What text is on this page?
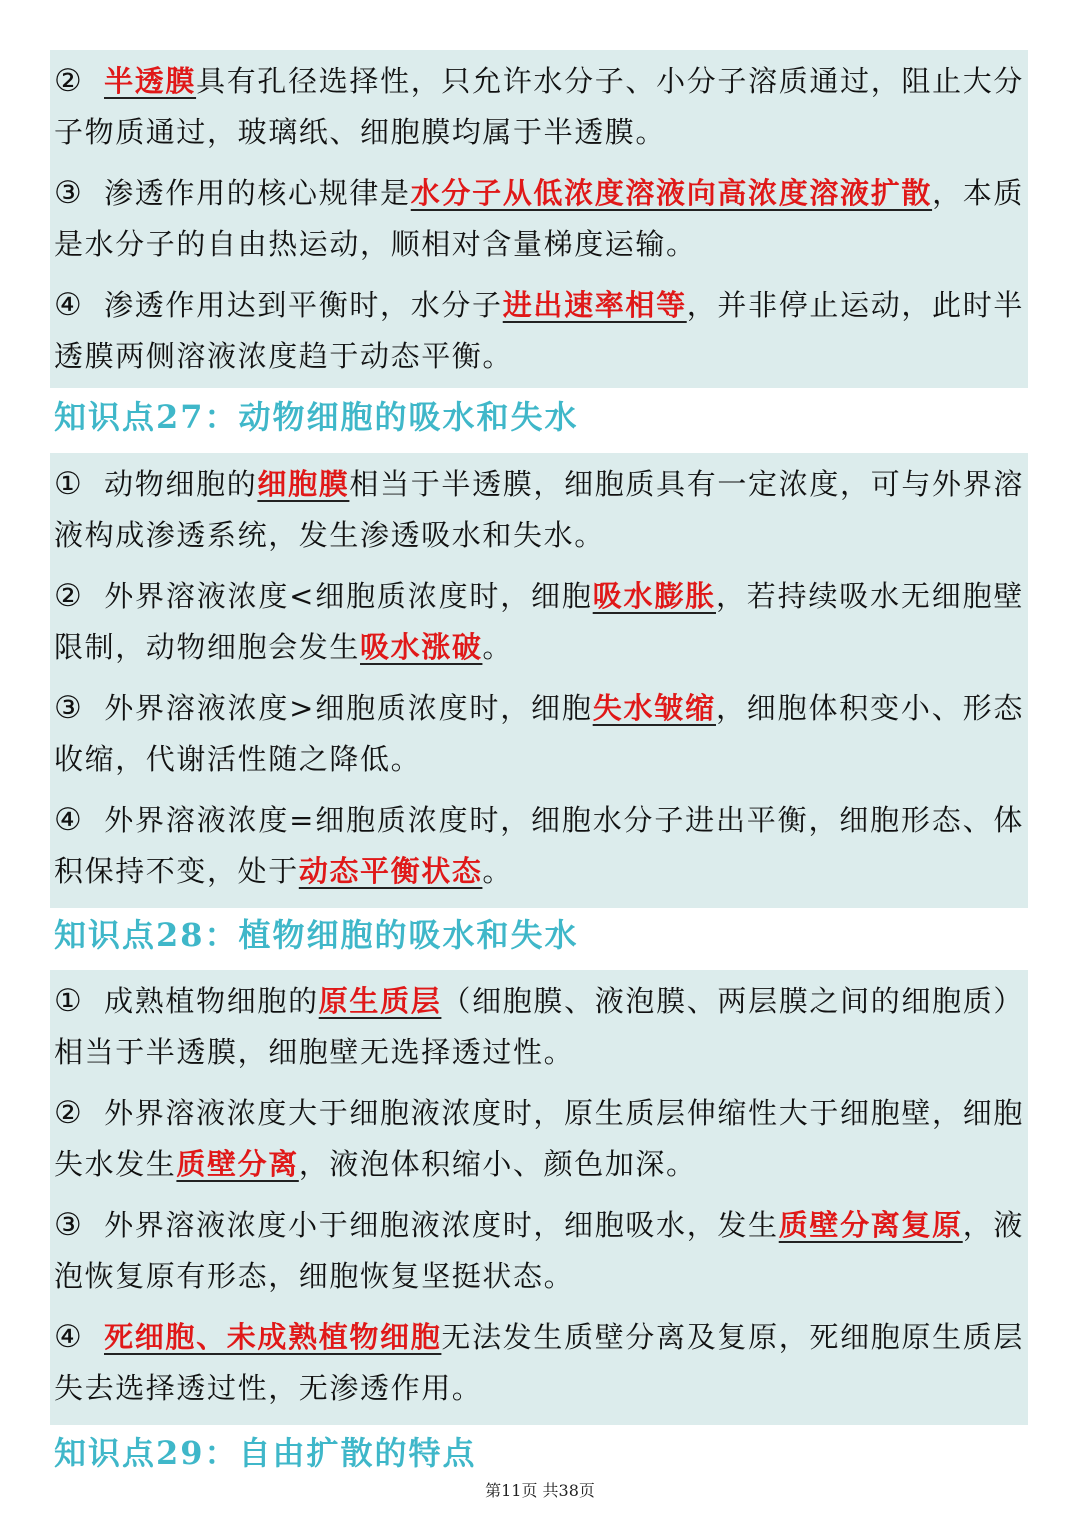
② 半透膜具有孔径选择性，只允许水分子、小分子溶质通过，阻止大分子物质通过，玻璃纸、细胞膜均属于半透膜。
③ 渗透作用的核心规律是水分子从低浓度溶液向高浓度溶液扩散，本质是水分子的自由热运动，顺相对含量梯度运输。
④ 渗透作用达到平衡时，水分子进出速率相等，并非停止运动，此时半透膜两侧溶液浓度趋于动态平衡。
知识点27：动物细胞的吸水和失水
① 动物细胞的细胞膜相当于半透膜，细胞质具有一定浓度，可与外界溶液构成渗透系统，发生渗透吸水和失水。
② 外界溶液浓度<细胞质浓度时，细胞吸水膨胀，若持续吸水无细胞壁限制，动物细胞会发生吸水涨破。
③ 外界溶液浓度>细胞质浓度时，细胞失水皱缩，细胞体积变小、形态收缩，代谢活性随之降低。
④ 外界溶液浓度=细胞质浓度时，细胞水分子进出平衡，细胞形态、体积保持不变，处于动态平衡状态。
知识点28：植物细胞的吸水和失水
① 成熟植物细胞的原生质层（细胞膜、液泡膜、两层膜之间的细胞质）相当于半透膜，细胞壁无选择透过性。
② 外界溶液浓度大于细胞液浓度时，原生质层伸缩性大于细胞壁，细胞失水发生质壁分离，液泡体积缩小、颜色加深。
③ 外界溶液浓度小于细胞液浓度时，细胞吸水，发生质壁分离复原，液泡恢复原有形态，细胞恢复坚挺状态。
④ 死细胞、未成熟植物细胞无法发生质壁分离及复原，死细胞原生质层失去选择透过性，无渗透作用。
知识点29：自由扩散的特点
第11页 共38页
